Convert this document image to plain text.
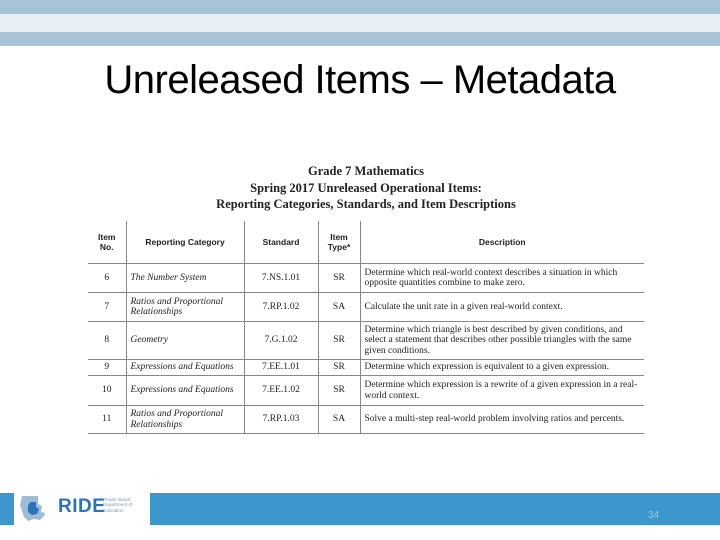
Unreleased Items – Metadata
Grade 7 Mathematics
Spring 2017 Unreleased Operational Items:
Reporting Categories, Standards, and Item Descriptions
Item No.	Reporting Category	Standard	Item Type*	Description
6	The Number System	7.NS.1.01	SR	Determine which real-world context describes a situation in which opposite quantities combine to make zero.
7	Ratios and Proportional Relationships	7.RP.1.02	SA	Calculate the unit rate in a given real-world context.
8	Geometry	7.G.1.02	SR	Determine which triangle is best described by given conditions, and select a statement that describes other possible triangles with the same given conditions.
9	Expressions and Equations	7.EE.1.01	SR	Determine which expression is equivalent to a given expression.
10	Expressions and Equations	7.EE.1.02	SR	Determine which expression is a rewrite of a given expression in a real-world context.
11	Ratios and Proportional Relationships	7.RP.1.03	SA	Solve a multi-step real-world problem involving ratios and percents.
RIDE
Rhode Island Department of Education	34
